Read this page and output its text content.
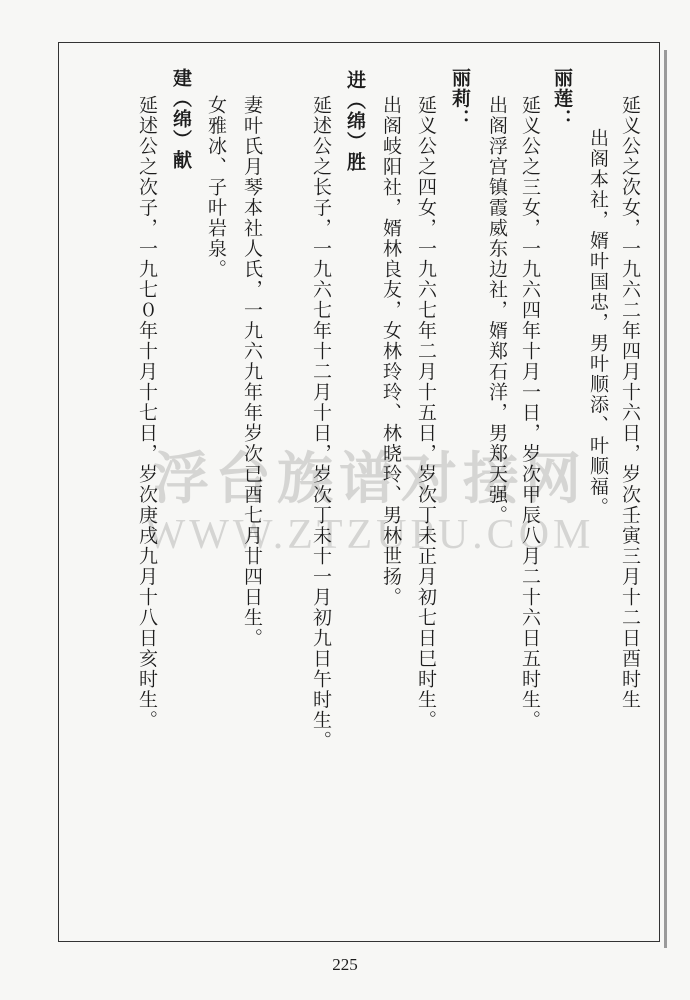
浮台族谱对接网
WWW.ZTZUPU.COM	延义公之次女，一九六二年四月十六日，岁次壬寅三月十二日酉时生
出阁本社，婿叶国忠，男叶顺添、叶顺福。
丽莲：
延义公之三女，一九六四年十月一日，岁次甲辰八月二十六日五时生。
出阁浮宫镇霞威东边社，婿郑石洋，男郑天强。
丽莉：
延义公之四女，一九六七年二月十五日，岁次丁未正月初七日巳时生。
出阁岐阳社，婿林良友，女林玲玲、林晓玲、男林世扬。
进（绵）胜
延述公之长子，一九六七年十二月十日，岁次丁未十一月初九日午时生。
妻叶氏月琴本社人氏，一九六九年年岁次已酉七月廿四日生。
女雅冰、子叶岩泉。
建（绵）献
延述公之次子，一九七０年十月十七日，岁次庚戌九月十八日亥时生。
225
